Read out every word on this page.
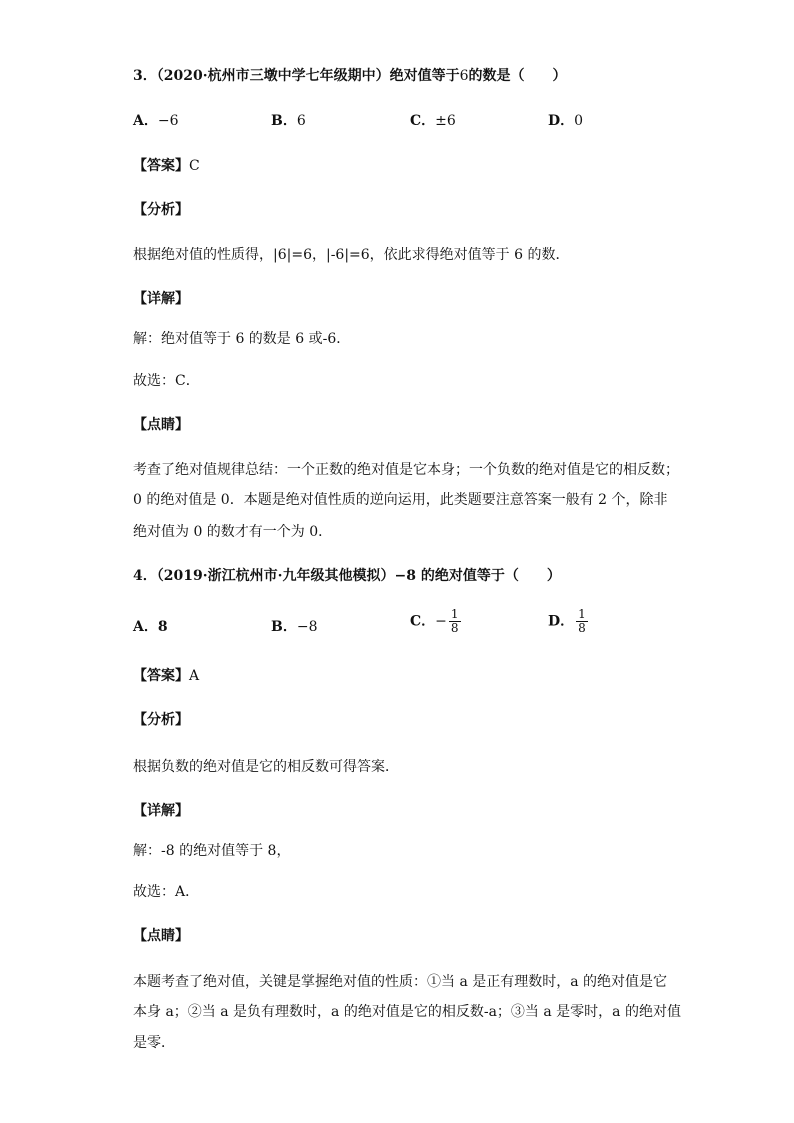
3．（2020·杭州市三墩中学七年级期中）绝对值等于6的数是（　　）
A．−6	B．6	C．±6	D．0
【答案】C
【分析】
根据绝对值的性质得，|6|=6，|-6|=6，依此求得绝对值等于 6 的数．
【详解】
解：绝对值等于 6 的数是 6 或-6．
故选：C．
【点睛】
考查了绝对值规律总结：一个正数的绝对值是它本身；一个负数的绝对值是它的相反数；
0 的绝对值是 0．本题是绝对值性质的逆向运用，此类题要注意答案一般有 2 个，除非
绝对值为 0 的数才有一个为 0．
4．（2019·浙江杭州市·九年级其他模拟）−8 的绝对值等于（　　）
A．8	B．−8	C．− $\frac{1}{8}$	D． $\frac{1}{8}$
【答案】A
【分析】
根据负数的绝对值是它的相反数可得答案．
【详解】
解：-8 的绝对值等于 8，
故选：A．
【点睛】
本题考查了绝对值，关键是掌握绝对值的性质：①当 a 是正有理数时，a 的绝对值是它
本身 a；②当 a 是负有理数时，a 的绝对值是它的相反数-a；③当 a 是零时，a 的绝对值
是零．
